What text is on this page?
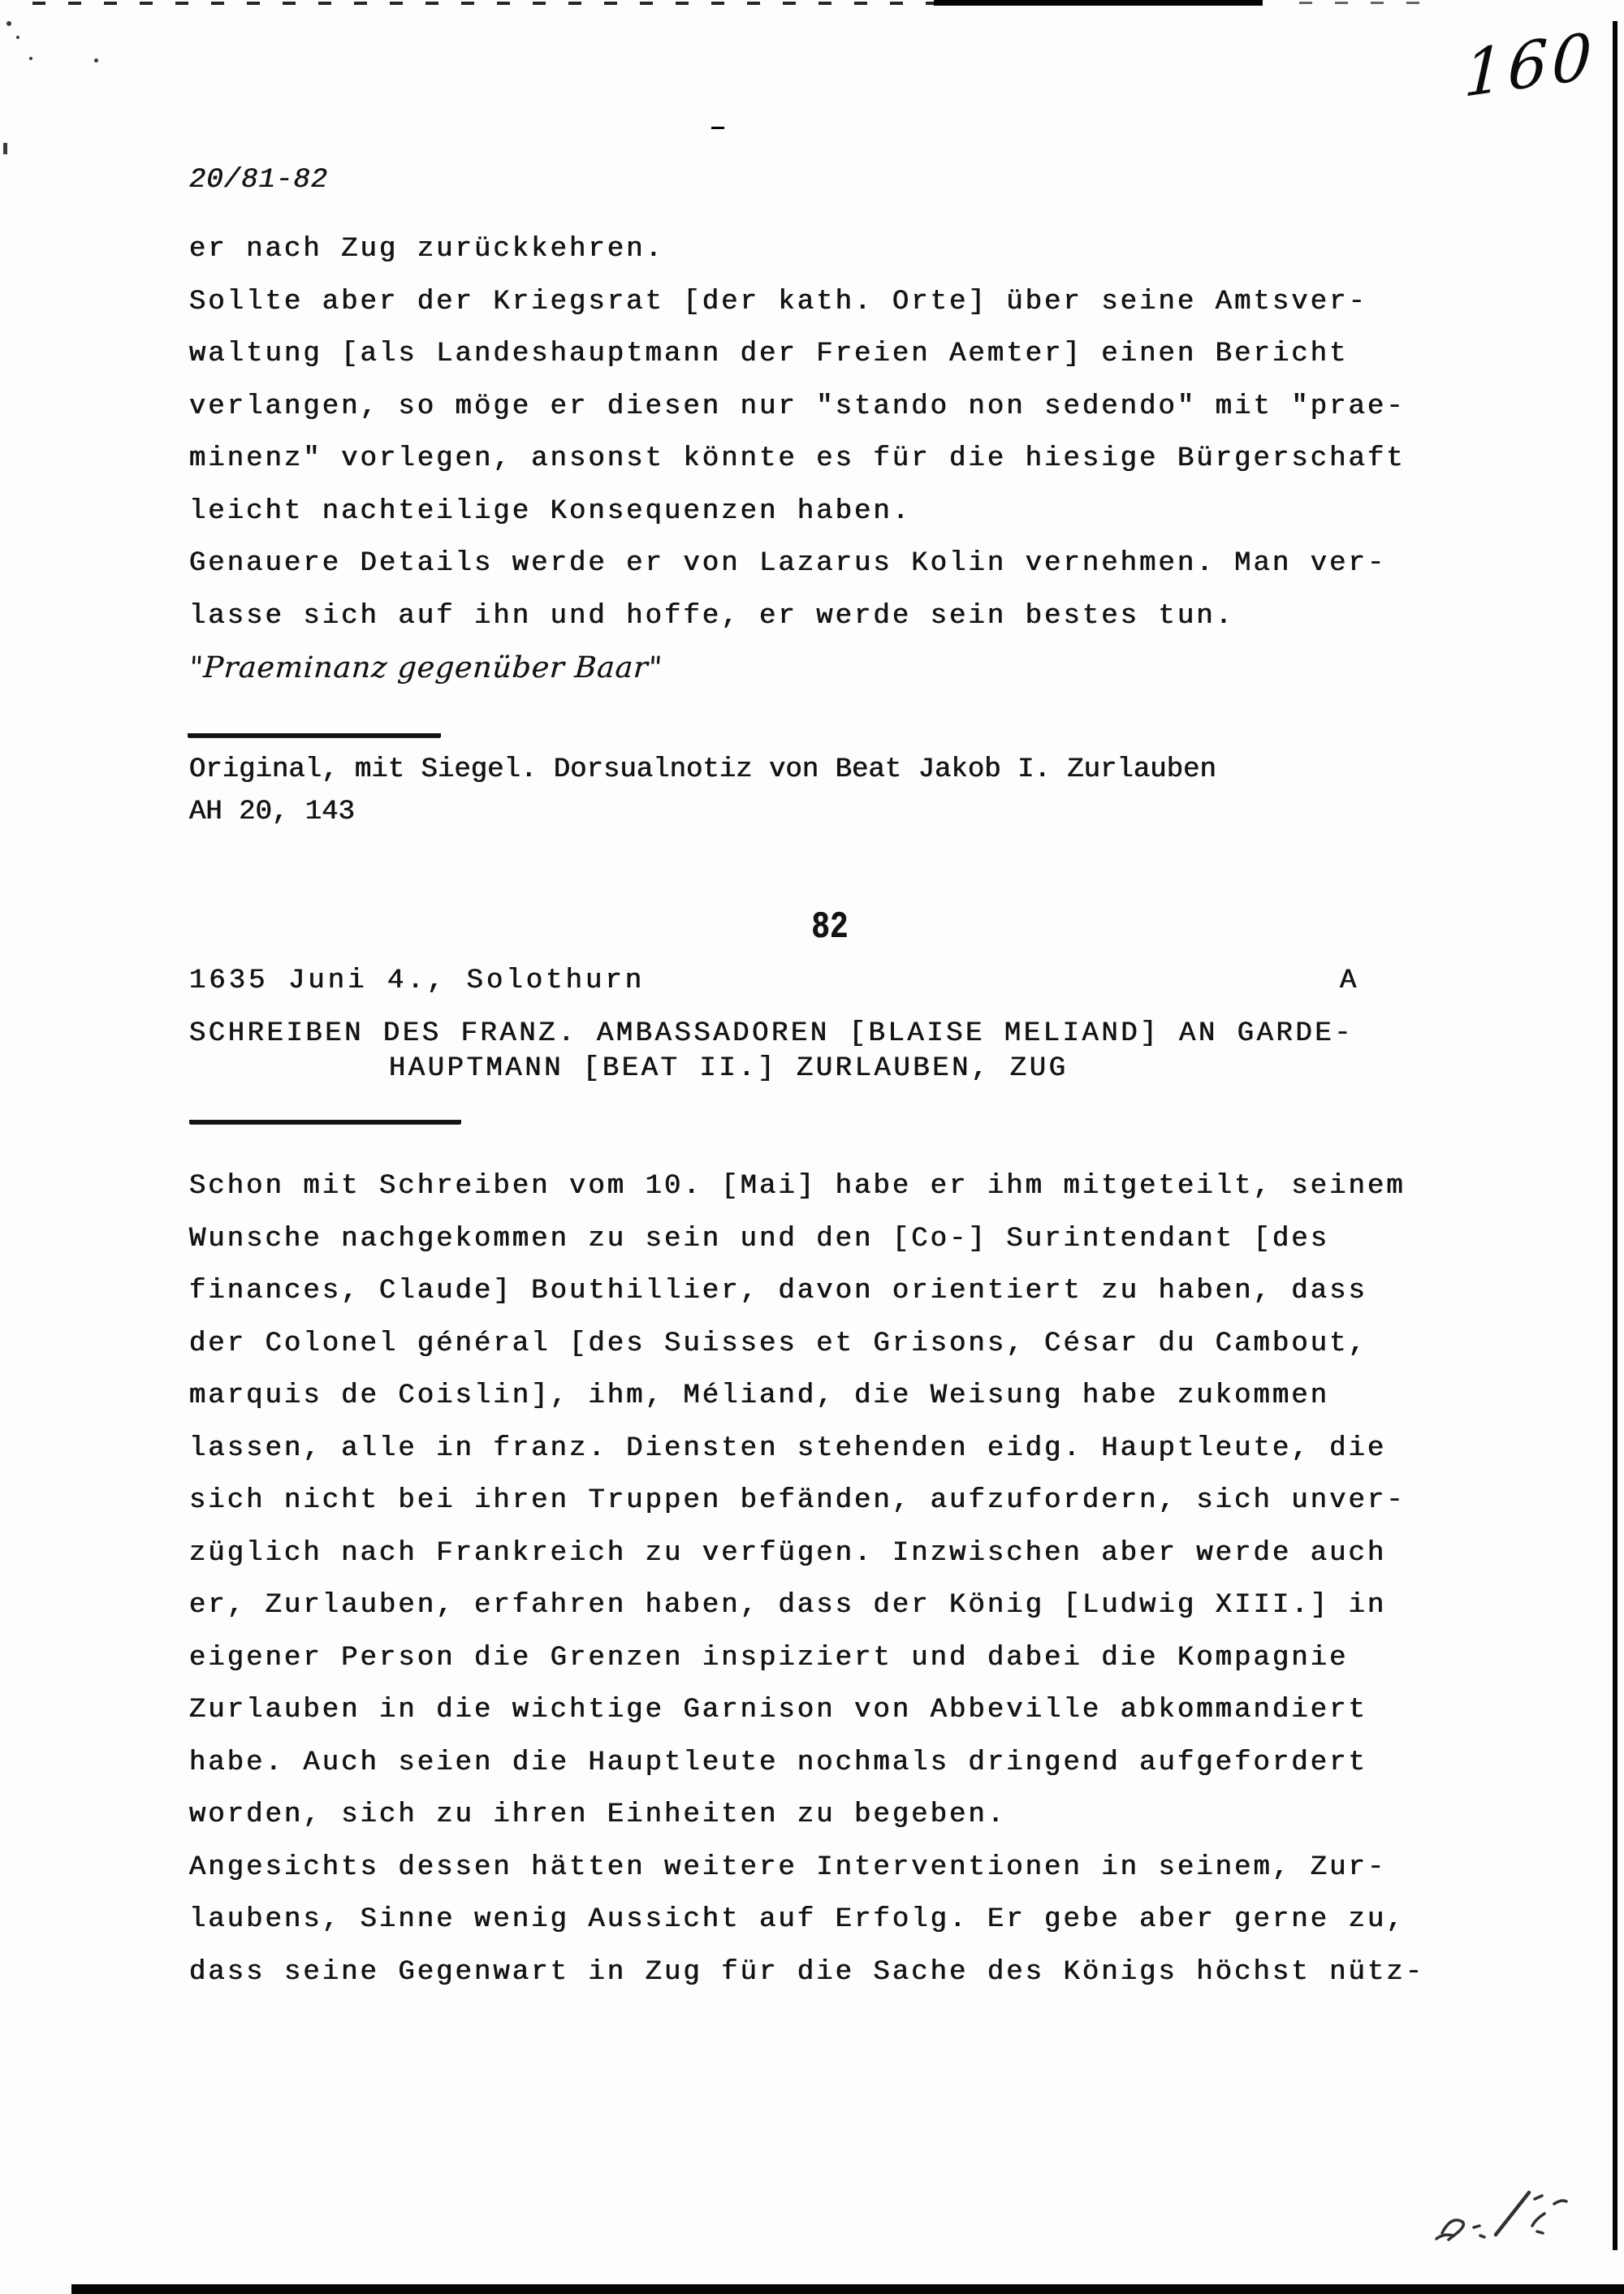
160
20/81-82
er nach Zug zurückkehren.
Sollte aber der Kriegsrat [der kath. Orte] über seine Amtsver-
waltung [als Landeshauptmann der Freien Aemter] einen Bericht
verlangen, so möge er diesen nur "stando non sedendo" mit "prae-
minenz" vorlegen, ansonst könnte es für die hiesige Bürgerschaft
leicht nachteilige Konsequenzen haben.
Genauere Details werde er von Lazarus Kolin vernehmen. Man ver-
lasse sich auf ihn und hoffe, er werde sein bestes tun.
"Praeminanz gegenüber Baar"
Original, mit Siegel. Dorsualnotiz von Beat Jakob I. Zurlauben
AH 20, 143
82
1635 Juni 4., Solothurn	A
SCHREIBEN DES FRANZ. AMBASSADOREN [BLAISE MELIAND] AN GARDE-
HAUPTMANN [BEAT II.] ZURLAUBEN, ZUG
Schon mit Schreiben vom 10. [Mai] habe er ihm mitgeteilt, seinem
Wunsche nachgekommen zu sein und den [Co-] Surintendant [des
finances, Claude] Bouthillier, davon orientiert zu haben, dass
der Colonel général [des Suisses et Grisons, César du Cambout,
marquis de Coislin], ihm, Méliand, die Weisung habe zukommen
lassen, alle in franz. Diensten stehenden eidg. Hauptleute, die
sich nicht bei ihren Truppen befänden, aufzufordern, sich unver-
züglich nach Frankreich zu verfügen. Inzwischen aber werde auch
er, Zurlauben, erfahren haben, dass der König [Ludwig XIII.] in
eigener Person die Grenzen inspiziert und dabei die Kompagnie
Zurlauben in die wichtige Garnison von Abbeville abkommandiert
habe. Auch seien die Hauptleute nochmals dringend aufgefordert
worden, sich zu ihren Einheiten zu begeben.
Angesichts dessen hätten weitere Interventionen in seinem, Zur-
laubens, Sinne wenig Aussicht auf Erfolg. Er gebe aber gerne zu,
dass seine Gegenwart in Zug für die Sache des Königs höchst nütz-
